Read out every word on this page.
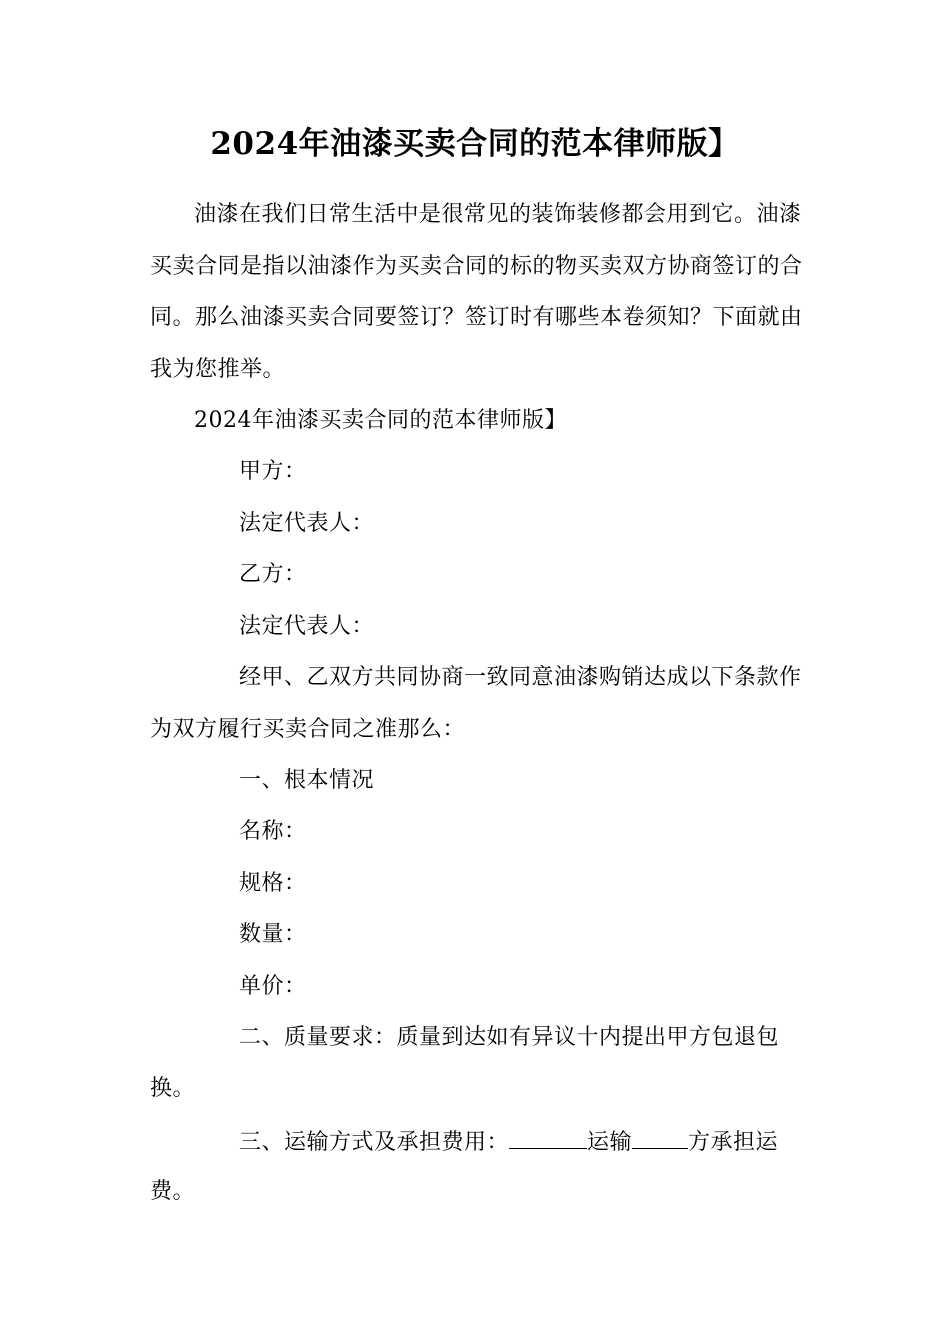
2024年油漆买卖合同的范本律师版】
油漆在我们日常生活中是很常见的装饰装修都会用到它。油漆
买卖合同是指以油漆作为买卖合同的标的物买卖双方协商签订的合
同。那么油漆买卖合同要签订？签订时有哪些本卷须知？下面就由
我为您推举。
2024年油漆买卖合同的范本律师版】
甲方：
法定代表人：
乙方：
法定代表人：
经甲、乙双方共同协商一致同意油漆购销达成以下条款作
为双方履行买卖合同之准那么：
一、根本情况
名称：
规格：
数量：
单价：
二、质量要求：质量到达如有异议十内提出甲方包退包
换。
三、运输方式及承担费用：	运输	方承担运
费。
